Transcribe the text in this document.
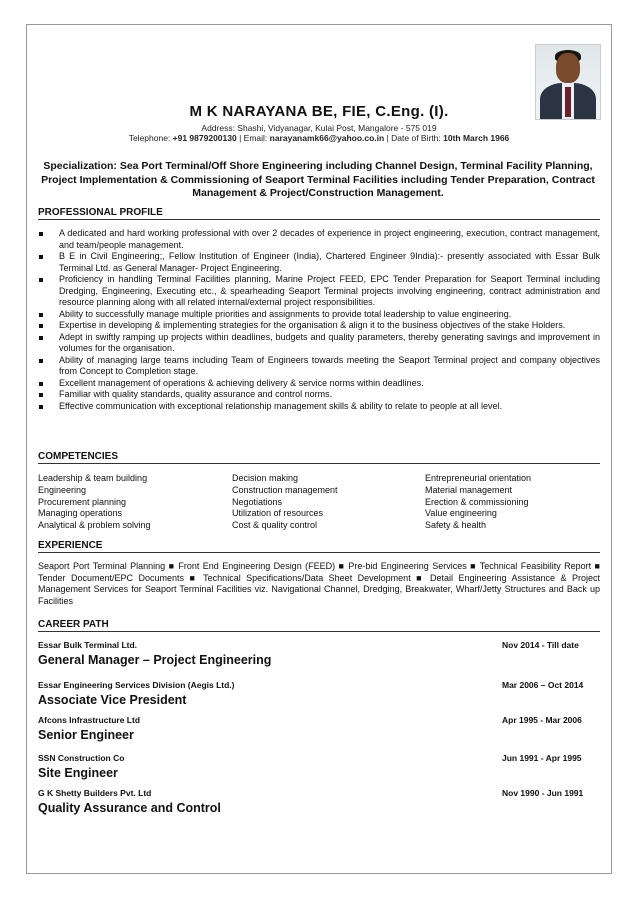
M K NARAYANA BE, FIE, C.Eng. (I).
Address: Shashi, Vidyanagar, Kulai Post, Mangalore - 575 019
Telephone: +91 9879200130 | Email: narayanamk66@yahoo.co.in | Date of Birth: 10th March 1966
Specialization: Sea Port Terminal/Off Shore Engineering including Channel Design, Terminal Facility Planning, Project Implementation & Commissioning of Seaport Terminal Facilities including Tender Preparation, Contract Management & Project/Construction Management.
PROFESSIONAL PROFILE
A dedicated and hard working professional with over 2 decades of experience in project engineering, execution, contract management, and team/people management.
B E in Civil Engineering;, Fellow Institution of Engineer (India), Chartered Engineer 9India):- presently associated with Essar Bulk Terminal Ltd. as General Manager- Project Engineering.
Proficiency in handling Terminal Facilities planning, Marine Project FEED, EPC Tender Preparation for Seaport Terminal including Dredging, Engineering, Executing etc., & spearheading Seaport Terminal projects involving engineering, contract administration and resource planning along with all related internal/external project responsibilities.
Ability to successfully manage multiple priorities and assignments to provide total leadership to value engineering.
Expertise in developing & implementing strategies for the organisation & align it to the business objectives of the stake Holders.
Adept in swiftly ramping up projects within deadlines, budgets and quality parameters, thereby generating savings and improvement in volumes for the organisation.
Ability of managing large teams including Team of Engineers towards meeting the Seaport Terminal project and company objectives from Concept to Completion stage.
Excellent management of operations & achieving delivery & service norms within deadlines.
Familiar with quality standards, quality assurance and control norms.
Effective communication with exceptional relationship management skills & ability to relate to people at all level.
COMPETENCIES
Leadership & team building	Decision making	Entrepreneurial orientation
Engineering	Construction management	Material management
Procurement planning	Negotiations	Erection & commissioning
Managing operations	Utilization of resources	Value engineering
Analytical & problem solving	Cost & quality control	Safety & health
EXPERIENCE
Seaport Port Terminal Planning ■ Front End Engineering Design (FEED) ■ Pre-bid Engineering Services ■ Technical Feasibility Report ■ Tender Document/EPC Documents ■ Technical Specifications/Data Sheet Development ■ Detail Engineering Assistance & Project Management Services for Seaport Terminal Facilities viz. Navigational Channel, Dredging, Breakwater, Wharf/Jetty Structures and Back up Facilities
CAREER PATH
Essar Bulk Terminal Ltd.	Nov 2014 - Till date
General Manager – Project Engineering
Essar Engineering Services Division (Aegis Ltd.)	Mar 2006 – Oct 2014
Associate Vice President
Afcons Infrastructure Ltd	Apr 1995 - Mar 2006
Senior Engineer
SSN Construction Co	Jun 1991 - Apr 1995
Site Engineer
G K Shetty Builders Pvt. Ltd	Nov 1990 - Jun 1991
Quality Assurance and Control
